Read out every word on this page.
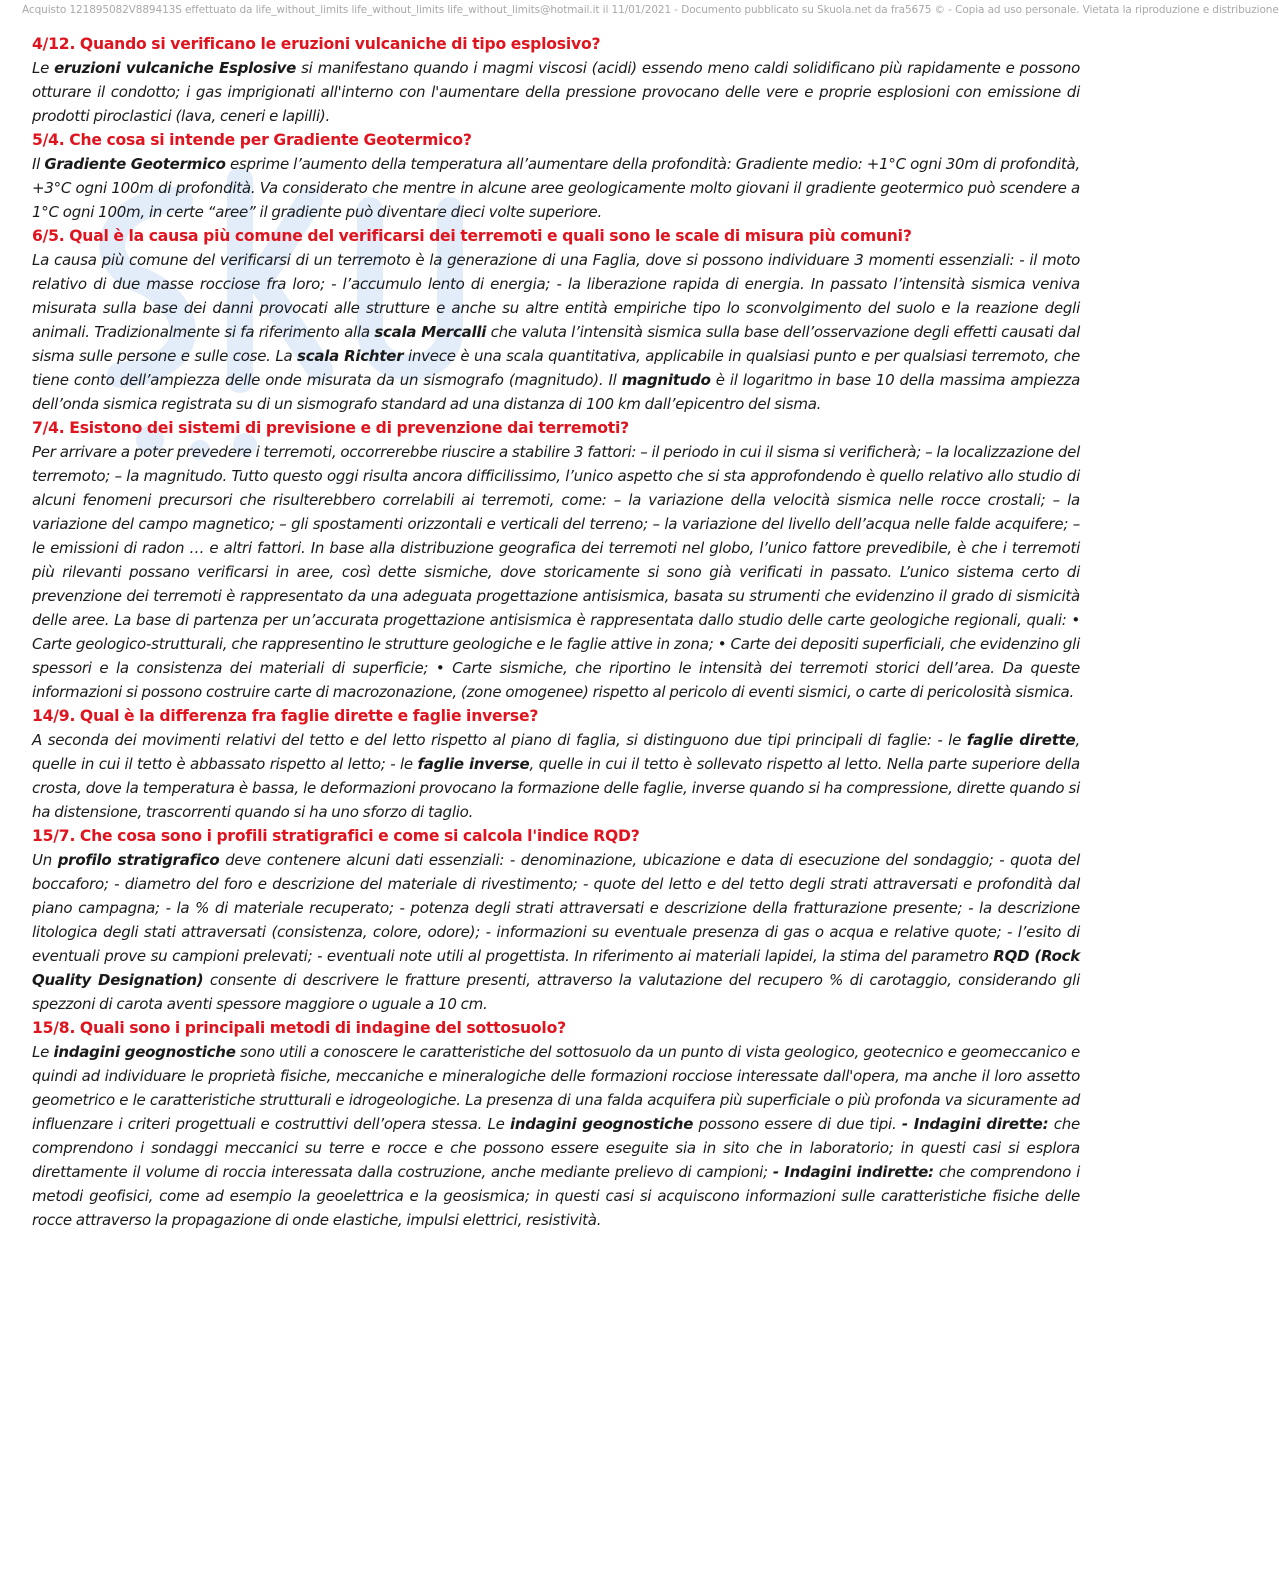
Acquisto 121895082V889413S effettuato da life_without_limits life_without_limits life_without_limits@hotmail.it il 11/01/2021 - Documento pubblicato su Skuola.net da fra5675 © - Copia ad uso personale. Vietata la riproduzione e distribuzione

4/12. Quando si verificano le eruzioni vulcaniche di tipo esplosivo?

Le eruzioni vulcaniche Esplosive si manifestano quando i magmi viscosi (acidi) essendo meno caldi solidificano più rapidamente e possono otturare il condotto; i gas imprigionati all'interno con l'aumentare della pressione provocano delle vere e proprie esplosioni con emissione di prodotti piroclastici (lava, ceneri e lapilli).

5/4. Che cosa si intende per Gradiente Geotermico?

Il Gradiente Geotermico esprime l’aumento della temperatura all’aumentare della profondità: Gradiente medio: +1°C ogni 30m di profondità, +3°C ogni 100m di profondità. Va considerato che mentre in alcune aree geologicamente molto giovani il gradiente geotermico può scendere a 1°C ogni 100m, in certe “aree” il gradiente può diventare dieci volte superiore.

6/5. Qual è la causa più comune del verificarsi dei terremoti e quali sono le scale di misura più comuni?

La causa più comune del verificarsi di un terremoto è la generazione di una Faglia, dove si possono individuare 3 momenti essenziali: - il moto relativo di due masse rocciose fra loro; - l’accumulo lento di energia; - la liberazione rapida di energia. In passato l’intensità sismica veniva misurata sulla base dei danni provocati alle strutture e anche su altre entità empiriche tipo lo sconvolgimento del suolo e la reazione degli animali. Tradizionalmente si fa riferimento alla scala Mercalli che valuta l’intensità sismica sulla base dell’osservazione degli effetti causati dal sisma sulle persone e sulle cose. La scala Richter invece è una scala quantitativa, applicabile in qualsiasi punto e per qualsiasi terremoto, che tiene conto dell’ampiezza delle onde misurata da un sismografo (magnitudo). Il magnitudo è il logaritmo in base 10 della massima ampiezza dell’onda sismica registrata su di un sismografo standard ad una distanza di 100 km dall’epicentro del sisma.

7/4. Esistono dei sistemi di previsione e di prevenzione dai terremoti?

Per arrivare a poter prevedere i terremoti, occorrerebbe riuscire a stabilire 3 fattori: – il periodo in cui il sisma si verificherà; – la localizzazione del terremoto; – la magnitudo. Tutto questo oggi risulta ancora difficilissimo, l’unico aspetto che si sta approfondendo è quello relativo allo studio di alcuni fenomeni precursori che risulterebbero correlabili ai terremoti, come: – la variazione della velocità sismica nelle rocce crostali; – la variazione del campo magnetico; – gli spostamenti orizzontali e verticali del terreno; – la variazione del livello dell’acqua nelle falde acquifere; – le emissioni di radon … e altri fattori. In base alla distribuzione geografica dei terremoti nel globo, l’unico fattore prevedibile, è che i terremoti più rilevanti possano verificarsi in aree, così dette sismiche, dove storicamente si sono già verificati in passato. L’unico sistema certo di prevenzione dei terremoti è rappresentato da una adeguata progettazione antisismica, basata su strumenti che evidenzino il grado di sismicità delle aree. La base di partenza per un’accurata progettazione antisismica è rappresentata dallo studio delle carte geologiche regionali, quali: • Carte geologico-strutturali, che rappresentino le strutture geologiche e le faglie attive in zona; • Carte dei depositi superficiali, che evidenzino gli spessori e la consistenza dei materiali di superficie; • Carte sismiche, che riportino le intensità dei terremoti storici dell’area. Da queste informazioni si possono costruire carte di macrozonazione, (zone omogenee) rispetto al pericolo di eventi sismici, o carte di pericolosità sismica.

14/9. Qual è la differenza fra faglie dirette e faglie inverse?

A seconda dei movimenti relativi del tetto e del letto rispetto al piano di faglia, si distinguono due tipi principali di faglie: - le faglie dirette, quelle in cui il tetto è abbassato rispetto al letto; - le faglie inverse, quelle in cui il tetto è sollevato rispetto al letto. Nella parte superiore della crosta, dove la temperatura è bassa, le deformazioni provocano la formazione delle faglie, inverse quando si ha compressione, dirette quando si ha distensione, trascorrenti quando si ha uno sforzo di taglio.

15/7. Che cosa sono i profili stratigrafici e come si calcola l'indice RQD?

Un profilo stratigrafico deve contenere alcuni dati essenziali: - denominazione, ubicazione e data di esecuzione del sondaggio; - quota del boccaforo; - diametro del foro e descrizione del materiale di rivestimento; - quote del letto e del tetto degli strati attraversati e profondità dal piano campagna; - la % di materiale recuperato; - potenza degli strati attraversati e descrizione della fratturazione presente; - la descrizione litologica degli stati attraversati (consistenza, colore, odore); - informazioni su eventuale presenza di gas o acqua e relative quote; - l’esito di eventuali prove su campioni prelevati; - eventuali note utili al progettista. In riferimento ai materiali lapidei, la stima del parametro RQD (Rock Quality Designation) consente di descrivere le fratture presenti, attraverso la valutazione del recupero % di carotaggio, considerando gli spezzoni di carota aventi spessore maggiore o uguale a 10 cm.

15/8. Quali sono i principali metodi di indagine del sottosuolo?

Le indagini geognostiche sono utili a conoscere le caratteristiche del sottosuolo da un punto di vista geologico, geotecnico e geomeccanico e quindi ad individuare le proprietà fisiche, meccaniche e mineralogiche delle formazioni rocciose interessate dall'opera, ma anche il loro assetto geometrico e le caratteristiche strutturali e idrogeologiche. La presenza di una falda acquifera più superficiale o più profonda va sicuramente ad influenzare i criteri progettuali e costruttivi dell’opera stessa. Le indagini geognostiche possono essere di due tipi. - Indagini dirette: che comprendono i sondaggi meccanici su terre e rocce e che possono essere eseguite sia in sito che in laboratorio; in questi casi si esplora direttamente il volume di roccia interessata dalla costruzione, anche mediante prelievo di campioni; - Indagini indirette: che comprendono i metodi geofisici, come ad esempio la geoelettrica e la geosismica; in questi casi si acquiscono informazioni sulle caratteristiche fisiche delle rocce attraverso la propagazione di onde elastiche, impulsi elettrici, resistività.
